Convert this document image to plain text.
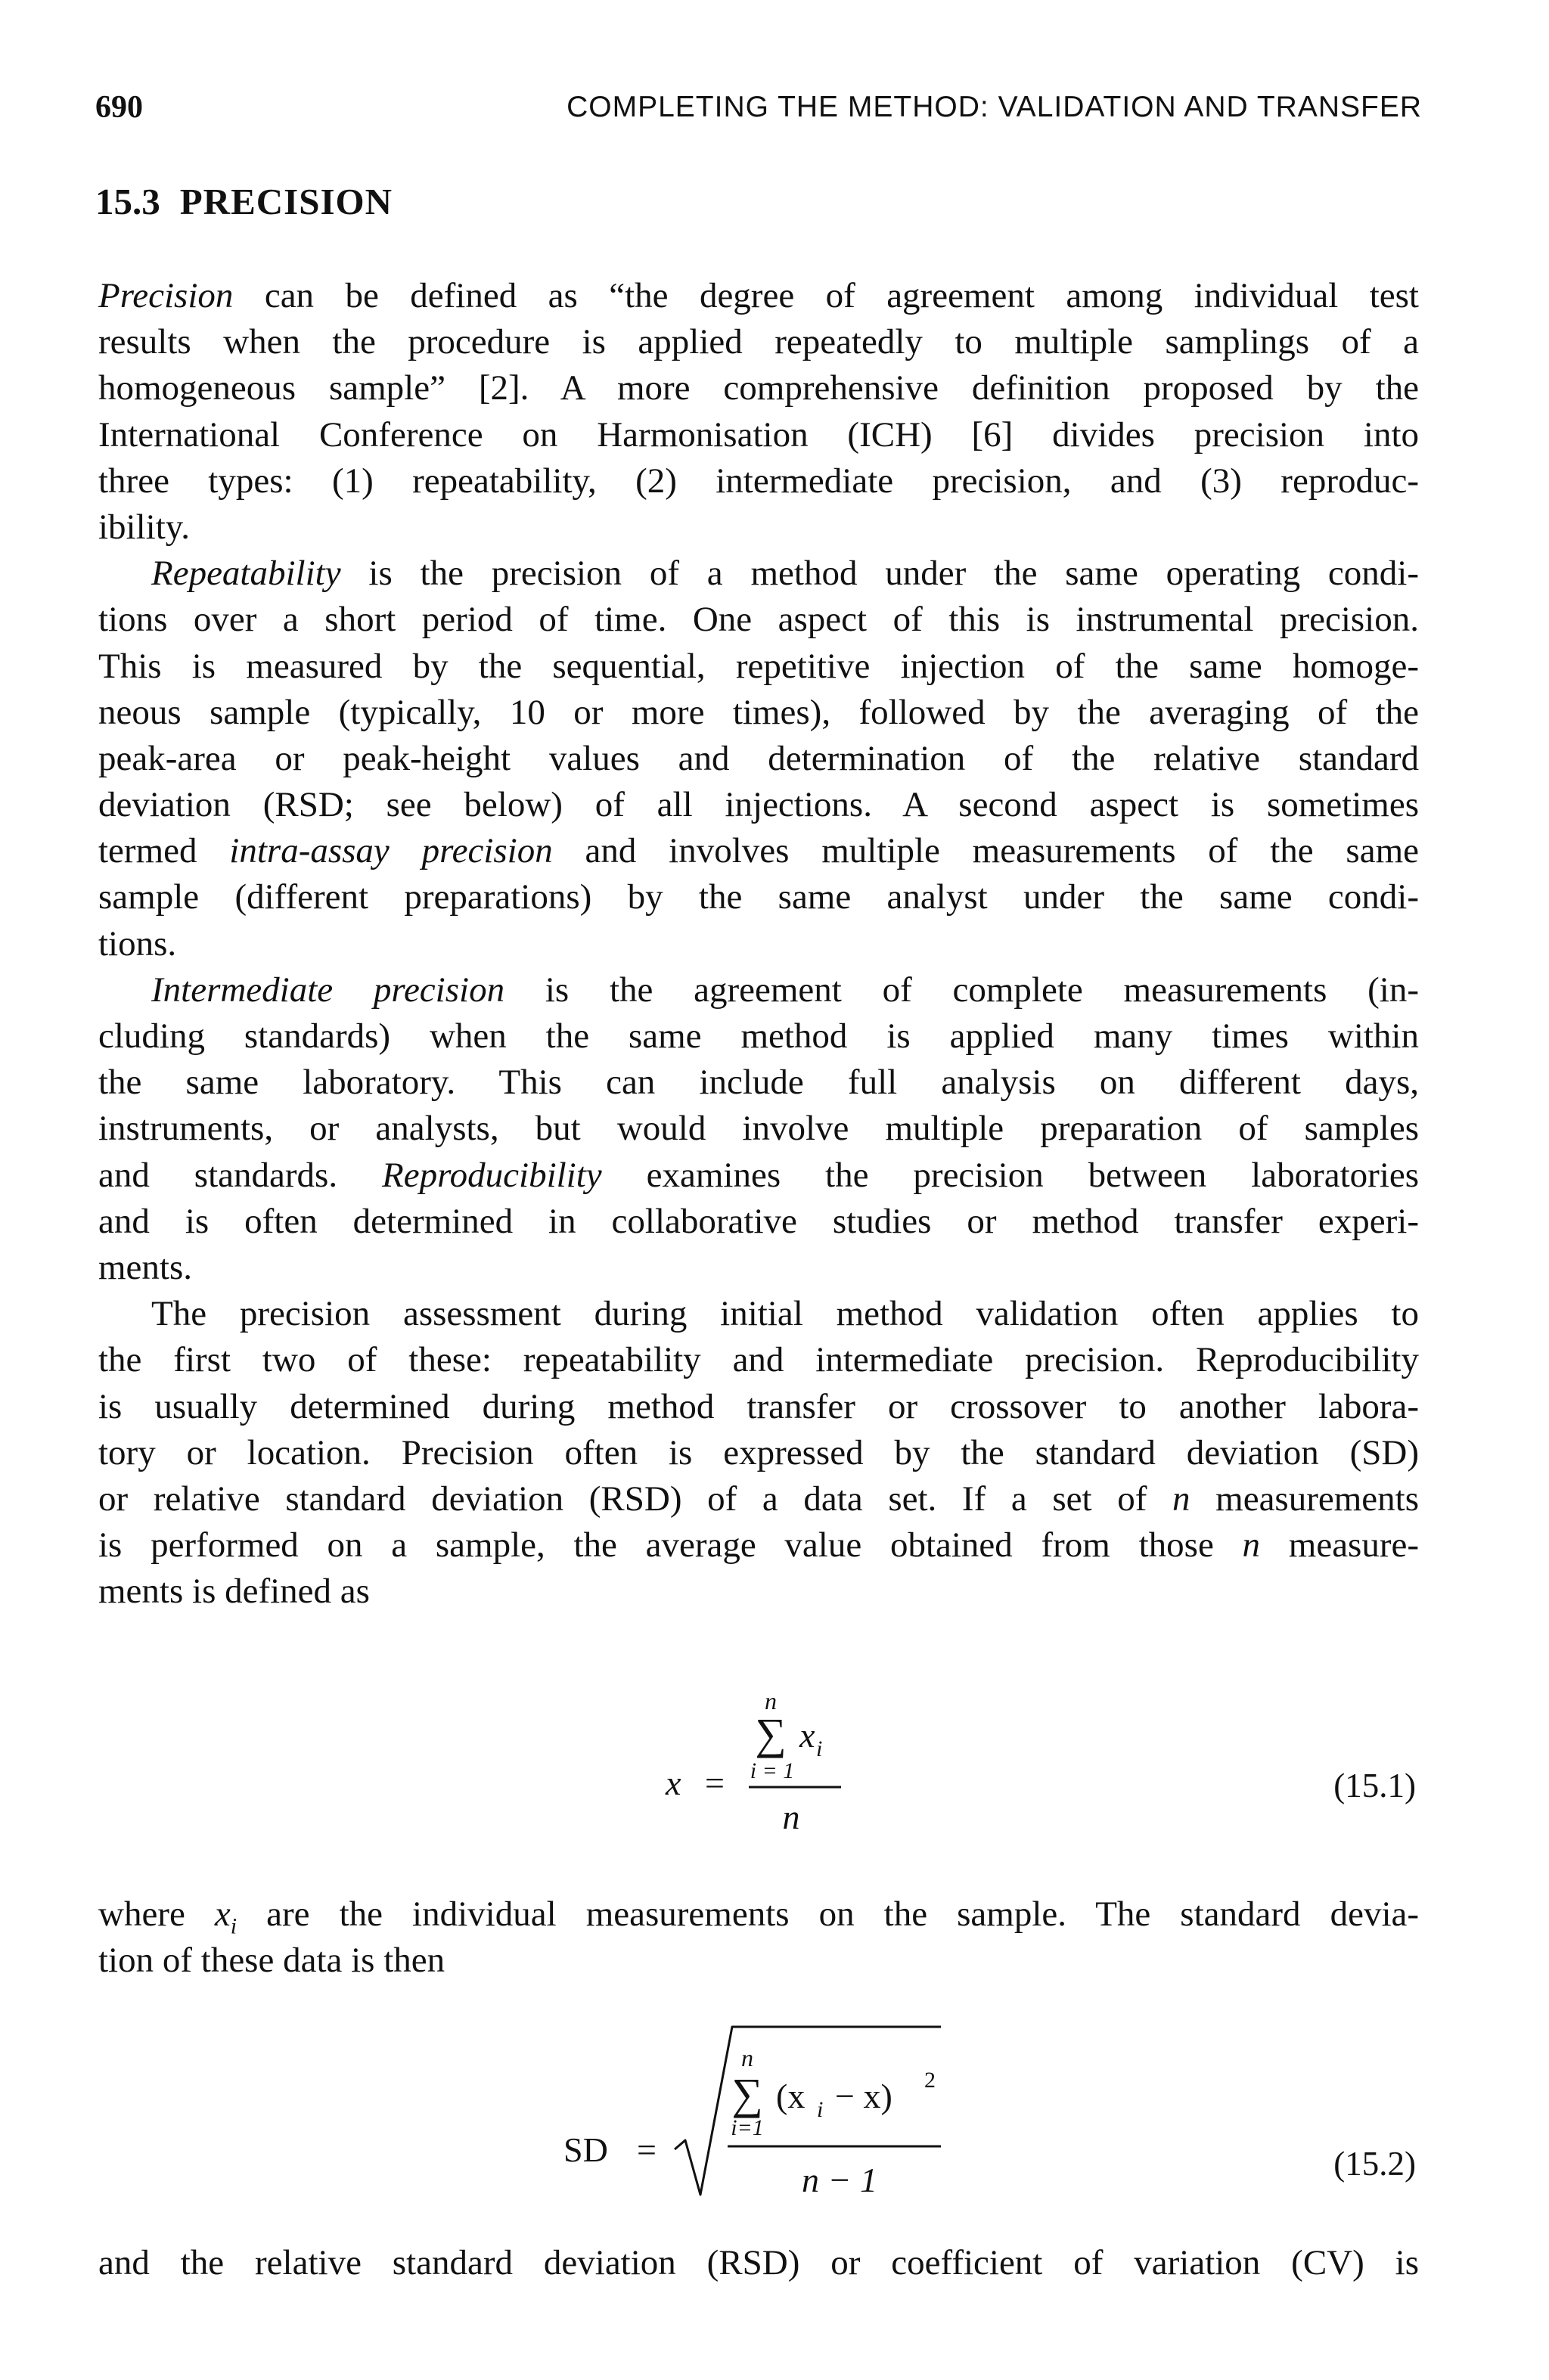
690	COMPLETING THE METHOD: VALIDATION AND TRANSFER
15.3 PRECISION
Precision can be defined as “the degree of agreement among individual test
results when the procedure is applied repeatedly to multiple samplings of a
homogeneous sample” [2]. A more comprehensive definition proposed by the
International Conference on Harmonisation (ICH) [6] divides precision into
three types: (1) repeatability, (2) intermediate precision, and (3) reproduc-
ibility.
Repeatability is the precision of a method under the same operating condi-
tions over a short period of time. One aspect of this is instrumental precision.
This is measured by the sequential, repetitive injection of the same homoge-
neous sample (typically, 10 or more times), followed by the averaging of the
peak-area or peak-height values and determination of the relative standard
deviation (RSD; see below) of all injections. A second aspect is sometimes
termed intra-assay precision and involves multiple measurements of the same
sample (different preparations) by the same analyst under the same condi-
tions.
Intermediate precision is the agreement of complete measurements (in-
cluding standards) when the same method is applied many times within
the same laboratory. This can include full analysis on different days,
instruments, or analysts, but would involve multiple preparation of samples
and standards. Reproducibility examines the precision between laboratories
and is often determined in collaborative studies or method transfer experi-
ments.
The precision assessment during initial method validation often applies to
the first two of these: repeatability and intermediate precision. Reproducibility
is usually determined during method transfer or crossover to another labora-
tory or location. Precision often is expressed by the standard deviation (SD)
or relative standard deviation (RSD) of a data set. If a set of n measurements
is performed on a sample, the average value obtained from those n measure-
ments is defined as
n
∑ x i
i = 1
x =
n
(15.1)
where $x_i$ are the individual measurements on the sample. The standard devia-
tion of these data is then
SD =
n
∑
i=1
(x i − x) 2
n − 1	(15.2)
and the relative standard deviation (RSD) or coefficient of variation (CV) is
